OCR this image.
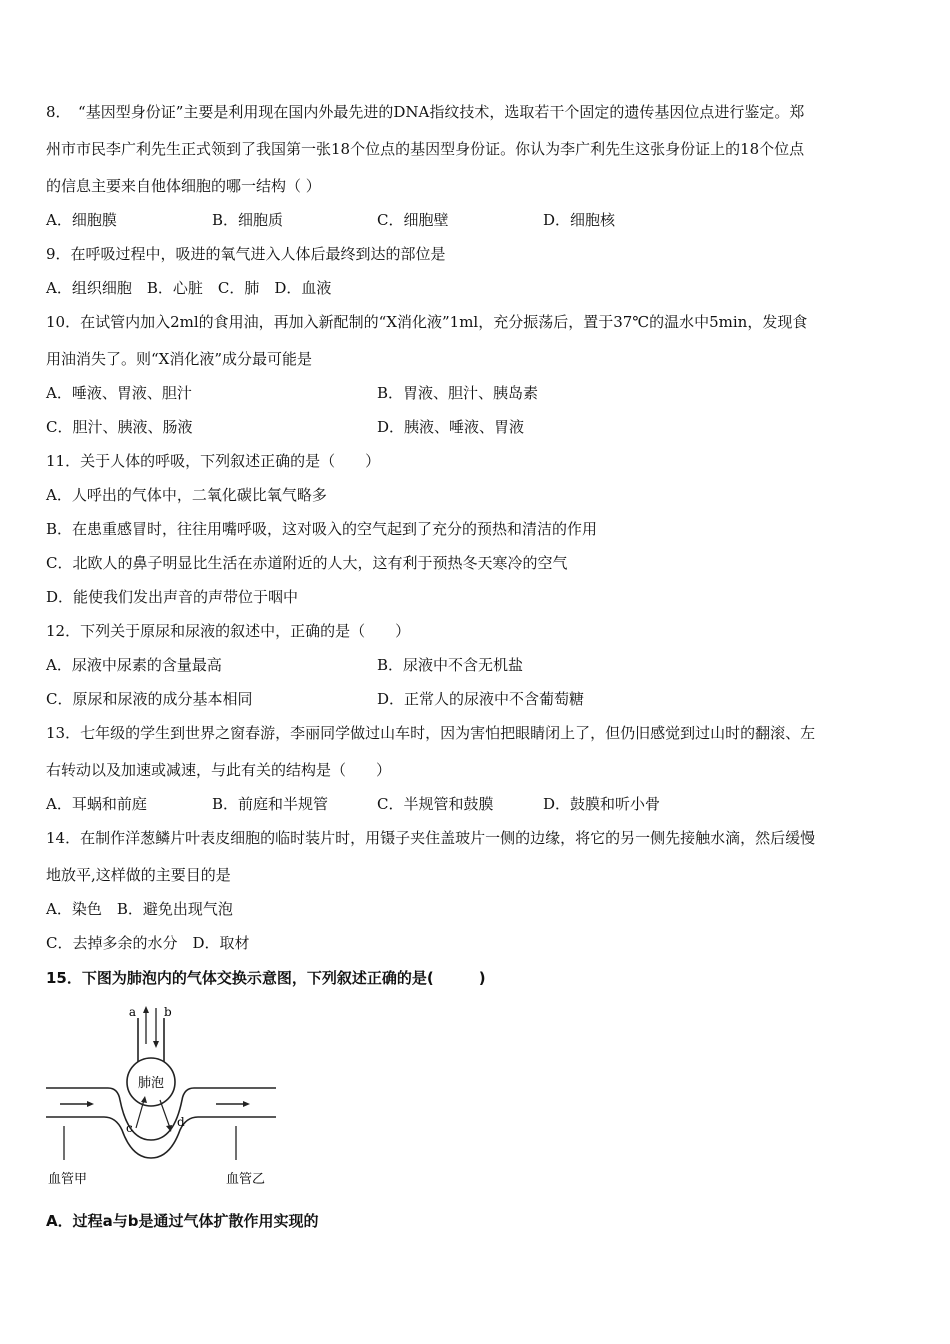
8．　“基因型身份证”主要是利用现在国内外最先进的DNA指纹技术，选取若干个固定的遗传基因位点进行鉴定。郑
州市市民李广利先生正式领到了我国第一张18个位点的基因型身份证。你认为李广利先生这张身份证上的18个位点
的信息主要来自他体细胞的哪一结构（ ）
A．细胞膜	B．细胞质	C．细胞壁	D．细胞核
9．在呼吸过程中，吸进的氧气进入人体后最终到达的部位是
A．组织细胞　B．心脏　C．肺　D．血液
10．在试管内加入2ml的食用油，再加入新配制的“X消化液”1ml，充分振荡后，置于37℃的温水中5min，发现食
用油消失了。则“X消化液”成分最可能是
A．唾液、胃液、胆汁	B．胃液、胆汁、胰岛素
C．胆汁、胰液、肠液	D．胰液、唾液、胃液
11．关于人体的呼吸，下列叙述正确的是（　　）
A．人呼出的气体中，二氧化碳比氧气略多
B．在患重感冒时，往往用嘴呼吸，这对吸入的空气起到了充分的预热和清洁的作用
C．北欧人的鼻子明显比生活在赤道附近的人大，这有利于预热冬天寒冷的空气
D．能使我们发出声音的声带位于咽中
12．下列关于原尿和尿液的叙述中，正确的是（　　）
A．尿液中尿素的含量最高	B．尿液中不含无机盐
C．原尿和尿液的成分基本相同	D．正常人的尿液中不含葡萄糖
13．七年级的学生到世界之窗春游，李丽同学做过山车时，因为害怕把眼睛闭上了，但仍旧感觉到过山时的翻滚、左
右转动以及加速或减速，与此有关的结构是（　　）
A．耳蜗和前庭	B．前庭和半规管	C．半规管和鼓膜	D．鼓膜和听小骨
14．在制作洋葱鳞片叶表皮细胞的临时装片时，用镊子夹住盖玻片一侧的边缘，将它的另一侧先接触水滴，然后缓慢
地放平,这样做的主要目的是
A．染色　B．避免出现气泡
C．去掉多余的水分　D．取材
15．下图为肺泡内的气体交换示意图，下列叙述正确的是(　　　)
a b
肺泡
c	d
血管甲	血管乙
A．过程a与b是通过气体扩散作用实现的
